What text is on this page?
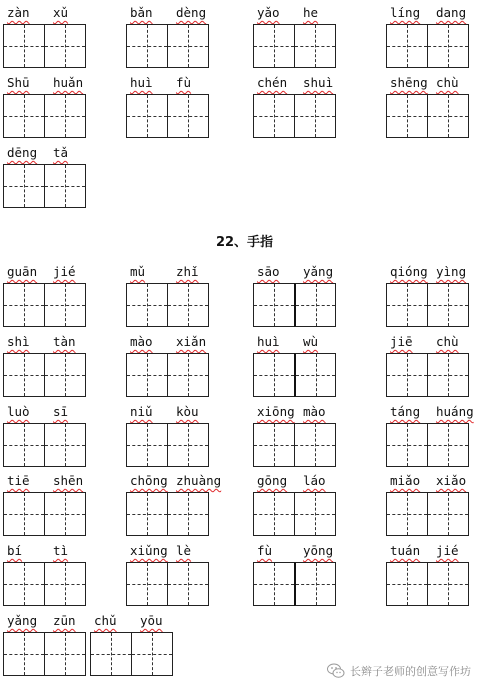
22、手指
长辫子老师的创意写作坊
zàn xǔ	bǎn dèng	yǎo he	líng dang
Shū huǎn	huì fù	chén shuì	shēng chù
dēng tǎ
guān jié	mǔ zhǐ	sāo yǎng	qióng yìng
shì tàn	mào xiǎn	huì wù	jiē chù
luò sī	niǔ kòu	xiōng mào	táng huáng
tiē shēn	chōng zhuàng	gōng láo	miǎo xiǎo
bí tì	xiǔng lè	fù yōng	tuán jié
yǎng zūn chǔ yōu
